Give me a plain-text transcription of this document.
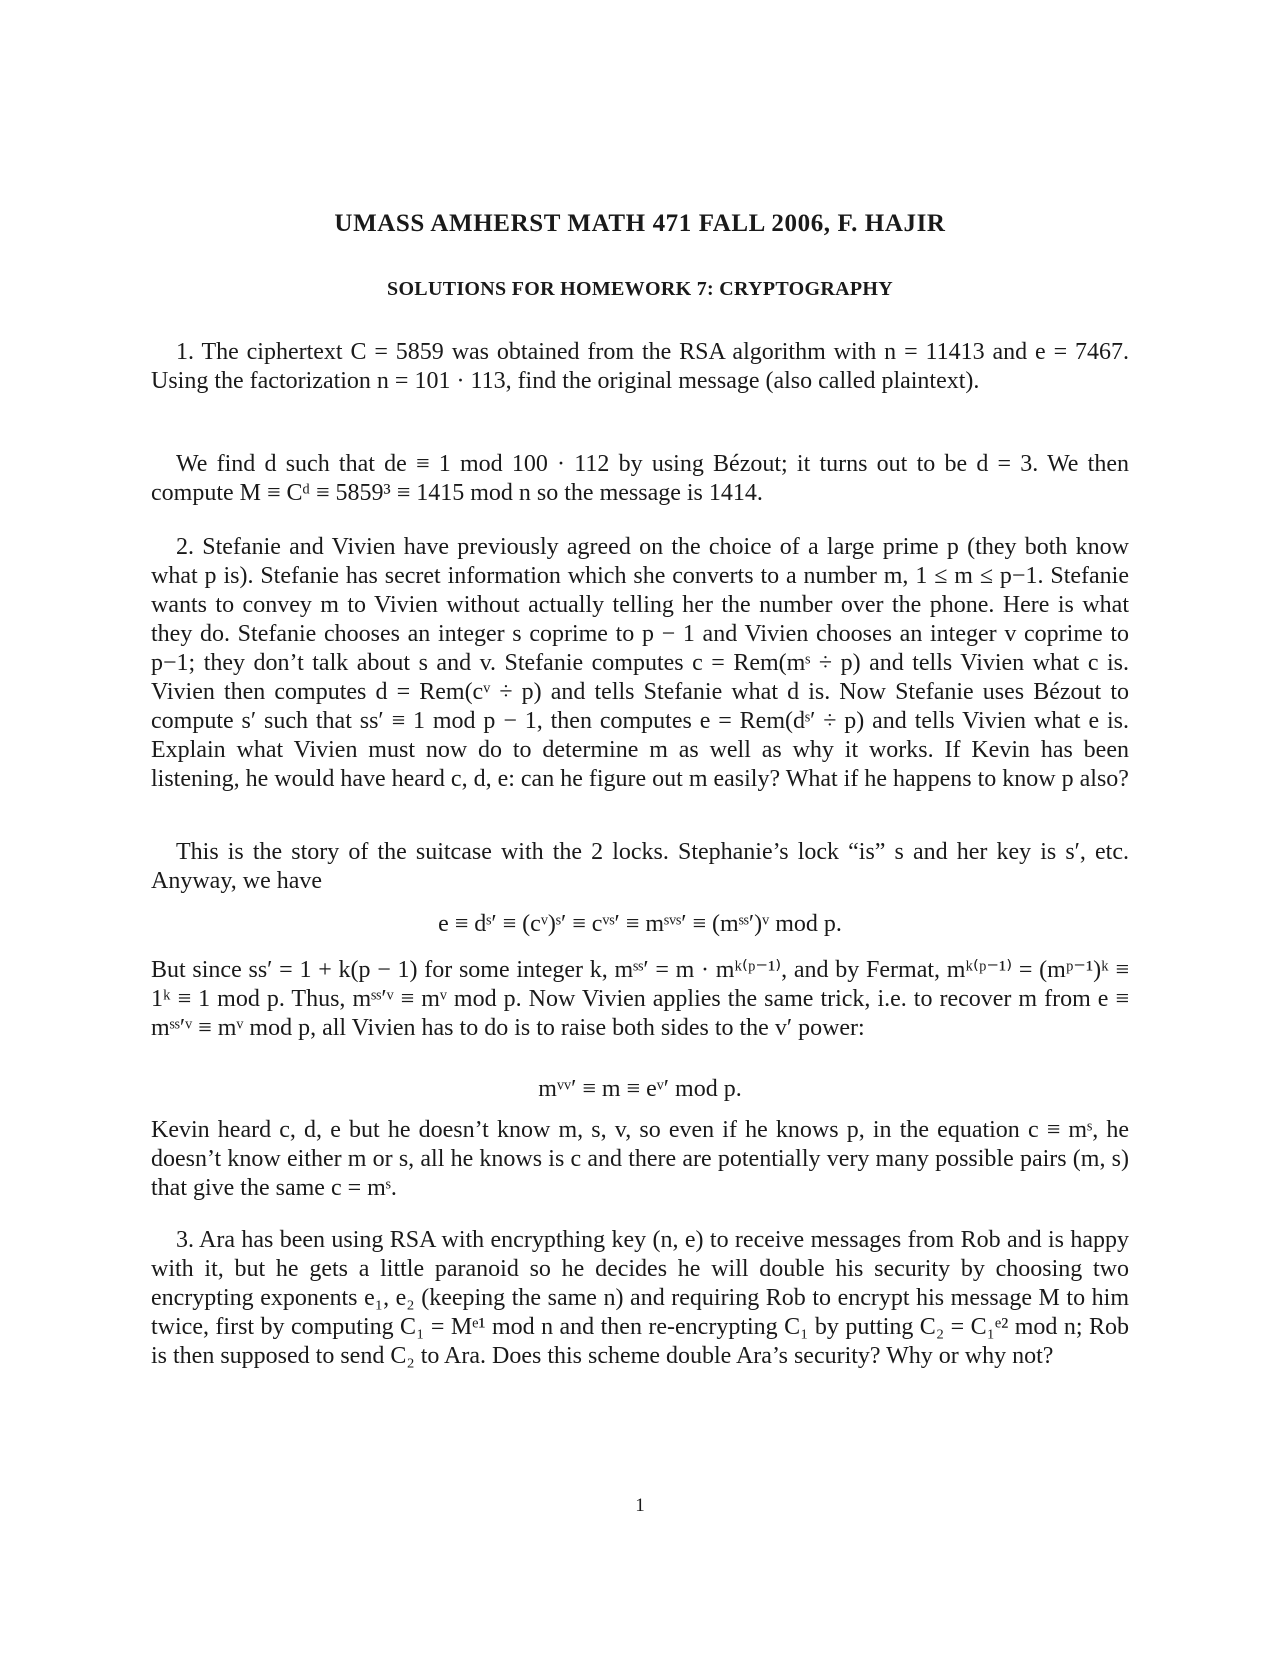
UMASS AMHERST MATH 471 FALL 2006, F. HAJIR
SOLUTIONS FOR HOMEWORK 7: CRYPTOGRAPHY

1. The ciphertext C = 5859 was obtained from the RSA algorithm with n = 11413 and e = 7467. Using the factorization n = 101 · 113, find the original message (also called plaintext).

We find d such that de ≡ 1 mod 100 · 112 by using Bézout; it turns out to be d = 3. We then compute M ≡ Cᵈ ≡ 5859³ ≡ 1415 mod n so the message is 1414.

2. Stefanie and Vivien have previously agreed on the choice of a large prime p (they both know what p is). Stefanie has secret information which she converts to a number m, 1 ≤ m ≤ p−1. Stefanie wants to convey m to Vivien without actually telling her the number over the phone. Here is what they do. Stefanie chooses an integer s coprime to p − 1 and Vivien chooses an integer v coprime to p−1; they don’t talk about s and v. Stefanie computes c = Rem(mˢ ÷ p) and tells Vivien what c is. Vivien then computes d = Rem(cᵛ ÷ p) and tells Stefanie what d is. Now Stefanie uses Bézout to compute s′ such that ss′ ≡ 1 mod p − 1, then computes e = Rem(dˢ′ ÷ p) and tells Vivien what e is. Explain what Vivien must now do to determine m as well as why it works. If Kevin has been listening, he would have heard c, d, e: can he figure out m easily? What if he happens to know p also?

This is the story of the suitcase with the 2 locks. Stephanie’s lock “is” s and her key is s′, etc. Anyway, we have

e ≡ dˢ′ ≡ (cᵛ)ˢ′ ≡ cᵛˢ′ ≡ mˢᵛˢ′ ≡ (mˢˢ′)ᵛ mod p.

But since ss′ = 1 + k(p − 1) for some integer k, mˢˢ′ = m · mᵏ⁽ᵖ⁻¹⁾, and by Fermat, mᵏ⁽ᵖ⁻¹⁾ = (mᵖ⁻¹)ᵏ ≡ 1ᵏ ≡ 1 mod p. Thus, mˢˢ′ᵛ ≡ mᵛ mod p. Now Vivien applies the same trick, i.e. to recover m from e ≡ mˢˢ′ᵛ ≡ mᵛ mod p, all Vivien has to do is to raise both sides to the v′ power:

mᵛᵛ′ ≡ m ≡ eᵛ′ mod p.

Kevin heard c, d, e but he doesn’t know m, s, v, so even if he knows p, in the equation c ≡ mˢ, he doesn’t know either m or s, all he knows is c and there are potentially very many possible pairs (m, s) that give the same c = mˢ.

3. Ara has been using RSA with encrypthing key (n, e) to receive messages from Rob and is happy with it, but he gets a little paranoid so he decides he will double his security by choosing two encrypting exponents e₁, e₂ (keeping the same n) and requiring Rob to encrypt his message M to him twice, first by computing C₁ = Mᵉ¹ mod n and then re-encrypting C₁ by putting C₂ = C₁ᵉ² mod n; Rob is then supposed to send C₂ to Ara. Does this scheme double Ara’s security? Why or why not?

1
